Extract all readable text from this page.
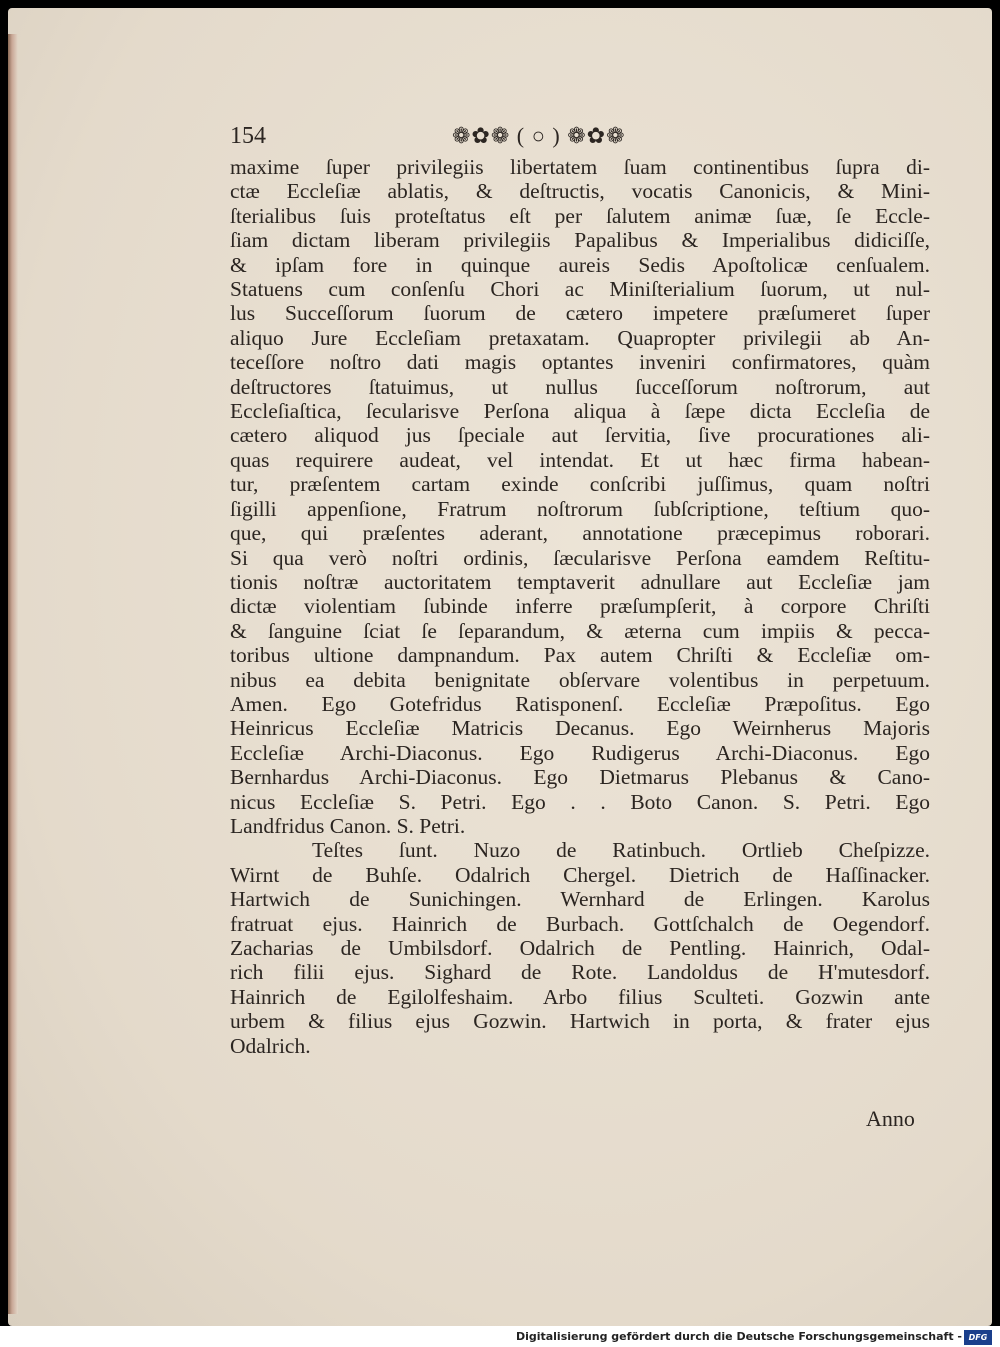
154	❁✿❁ ( ○ ) ❁✿❁
maxime ſuper privilegiis libertatem ſuam continentibus ſupra di-
ctæ Eccleſiæ ablatis, & deſtructis, vocatis Canonicis, & Mini-
ſterialibus ſuis proteſtatus eſt per ſalutem animæ ſuæ, ſe Eccle-
ſiam dictam liberam privilegiis Papalibus & Imperialibus didiciſſe,
& ipſam fore in quinque aureis Sedis Apoſtolicæ cenſualem.
Statuens cum conſenſu Chori ac Miniſterialium ſuorum, ut nul-
lus Succeſſorum ſuorum de cætero impetere præſumeret ſuper
aliquo Jure Eccleſiam pretaxatam. Quapropter privilegii ab An-
teceſſore noſtro dati magis optantes inveniri confirmatores, quàm
deſtructores ſtatuimus, ut nullus ſucceſſorum noſtrorum, aut
Eccleſiaſtica, ſecularisve Perſona aliqua à ſæpe dicta Eccleſia de
cætero aliquod jus ſpeciale aut ſervitia, ſive procurationes ali-
quas requirere audeat, vel intendat. Et ut hæc firma habean-
tur, præſentem cartam exinde conſcribi juſſimus, quam noſtri
ſigilli appenſione, Fratrum noſtrorum ſubſcriptione, teſtium quo-
que, qui præſentes aderant, annotatione præcepimus roborari.
Si qua verò noſtri ordinis, ſæcularisve Perſona eamdem Reſtitu-
tionis noſtræ auctoritatem temptaverit adnullare aut Eccleſiæ jam
dictæ violentiam ſubinde inferre præſumpſerit, à corpore Chriſti
& ſanguine ſciat ſe ſeparandum, & æterna cum impiis & pecca-
toribus ultione dampnandum. Pax autem Chriſti & Eccleſiæ om-
nibus ea debita benignitate obſervare volentibus in perpetuum.
Amen. Ego Gotefridus Ratisponenſ. Eccleſiæ Præpoſitus. Ego
Heinricus Eccleſiæ Matricis Decanus. Ego Weirnherus Majoris
Eccleſiæ Archi-Diaconus. Ego Rudigerus Archi-Diaconus. Ego
Bernhardus Archi-Diaconus. Ego Dietmarus Plebanus & Cano-
nicus Eccleſiæ S. Petri. Ego . . Boto Canon. S. Petri. Ego
Landfridus Canon. S. Petri.
Teſtes ſunt. Nuzo de Ratinbuch. Ortlieb Cheſpizze.
Wirnt de Buhſe. Odalrich Chergel. Dietrich de Haſſinacker.
Hartwich de Sunichingen. Wernhard de Erlingen. Karolus
fratruat ejus. Hainrich de Burbach. Gottſchalch de Oegendorf.
Zacharias de Umbilsdorf. Odalrich de Pentling. Hainrich, Odal-
rich filii ejus. Sighard de Rote. Landoldus de H'mutesdorf.
Hainrich de Egilolfeshaim. Arbo filius Sculteti. Gozwin ante
urbem & filius ejus Gozwin. Hartwich in porta, & frater ejus
Odalrich.
Anno
Digitalisierung gefördert durch die Deutsche Forschungsgemeinschaft - DFG
